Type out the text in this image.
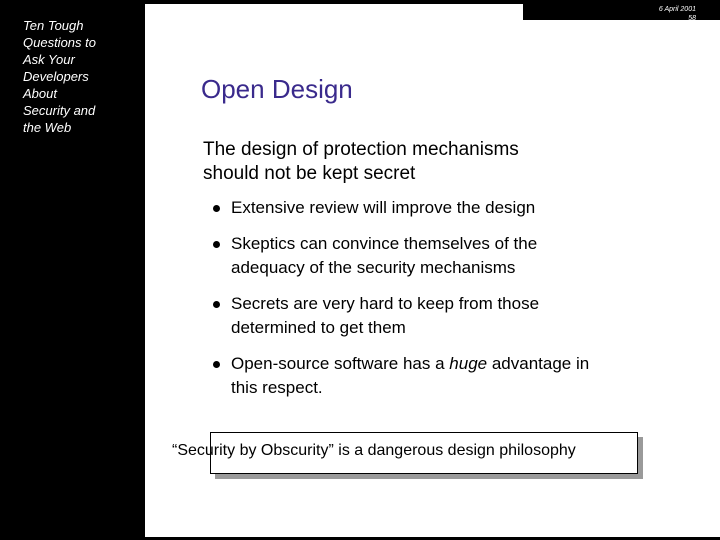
Ten Tough
Questions to
Ask Your
Developers
About
Security and
the Web
6 April 2001
58
Open Design
The design of protection mechanisms
should not be kept secret
Extensive review will improve the design
Skeptics can convince themselves of the
adequacy of the security mechanisms
Secrets are very hard to keep from those
determined to get them
Open-source software has a huge advantage in
this respect.
“Security by Obscurity” is a dangerous design philosophy
